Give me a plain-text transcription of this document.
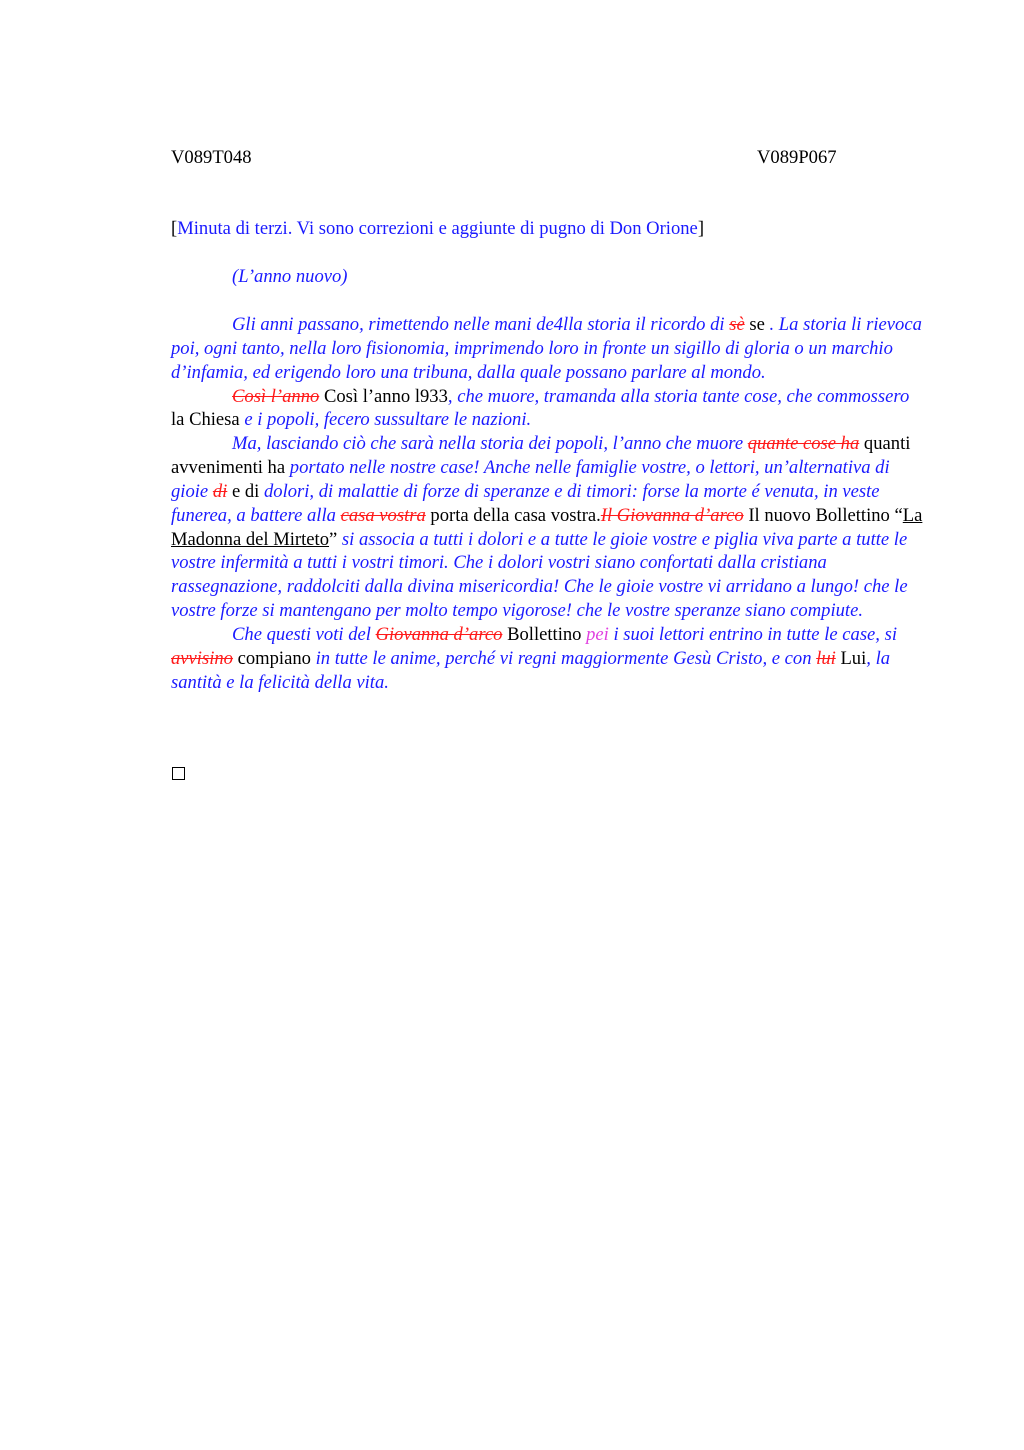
V089T048	V089P067
[Minuta di terzi. Vi sono correzioni e aggiunte di pugno di Don Orione]
(L’anno nuovo)

Gli anni passano, rimettendo nelle mani de4lla storia il ricordo di sè se . La storia li rievoca poi, ogni tanto, nella loro fisionomia, imprimendo loro in fronte un sigillo di gloria o un marchio d’infamia, ed erigendo loro una tribuna, dalla quale possano parlare al mondo.

Così l’anno Così l’anno l933, che muore, tramanda alla storia tante cose, che commossero la Chiesa e i popoli, fecero sussultare le nazioni.

Ma, lasciando ciò che sarà nella storia dei popoli, l’anno che muore quante cose ha quanti avvenimenti ha portato nelle nostre case! Anche nelle famiglie vostre, o lettori, un’alternativa di gioie di e di dolori, di malattie di forze di speranze e di timori: forse la morte é venuta, in veste funerea, a battere alla casa vostra porta della casa vostra.Il Giovanna d’arco Il nuovo Bollettino “La Madonna del Mirteto” si associa a tutti i dolori e a tutte le gioie vostre e piglia viva parte a tutte le vostre infermità a tutti i vostri timori. Che i dolori vostri siano confortati dalla cristiana rassegnazione, raddolciti dalla divina misericordia! Che le gioie vostre vi arridano a lungo! che le vostre forze si mantengano per molto tempo vigorose! che le vostre speranze siano compiute.

Che questi voti del Giovanna d’arco Bollettino pei i suoi lettori entrino in tutte le case, si avvisino compiano in tutte le anime, perché vi regni maggiormente Gesù Cristo, e con lui Lui, la santità e la felicità della vita.
